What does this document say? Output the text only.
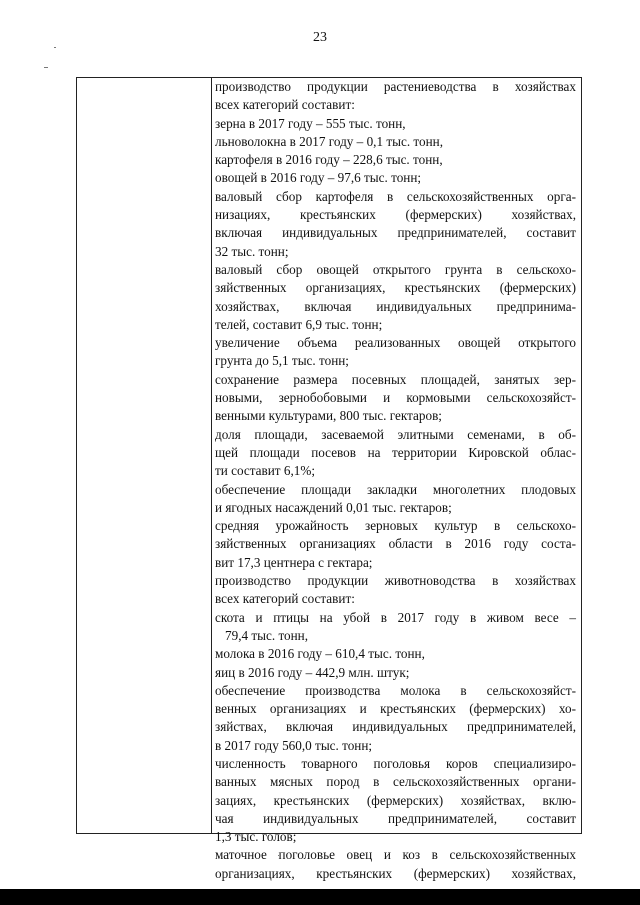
23
производство продукции растениеводства в хозяйствах
всех категорий составит:
зерна в 2017 году – 555 тыс. тонн,
льноволокна в 2017 году – 0,1 тыс. тонн,
картофеля в 2016 году – 228,6 тыс. тонн,
овощей в 2016 году – 97,6 тыс. тонн;
валовый сбор картофеля в сельскохозяйственных орга-
низациях, крестьянских (фермерских) хозяйствах,
включая индивидуальных предпринимателей, составит
32 тыс. тонн;
валовый сбор овощей открытого грунта в сельскохо-
зяйственных организациях, крестьянских (фермерских)
хозяйствах, включая индивидуальных предпринима-
телей, составит 6,9 тыс. тонн;
увеличение объема реализованных овощей открытого
грунта до 5,1 тыс. тонн;
сохранение размера посевных площадей, занятых зер-
новыми, зернобобовыми и кормовыми сельскохозяйст-
венными культурами, 800 тыс. гектаров;
доля площади, засеваемой элитными семенами, в об-
щей площади посевов на территории Кировской облас-
ти составит 6,1%;
обеспечение площади закладки многолетних плодовых
и ягодных насаждений 0,01 тыс. гектаров;
средняя урожайность зерновых культур в сельскохо-
зяйственных организациях области в 2016 году соста-
вит 17,3 центнера с гектара;
производство продукции животноводства в хозяйствах
всех категорий составит:
скота и птицы на убой в 2017 году в живом весе –
79,4 тыс. тонн,
молока в 2016 году – 610,4 тыс. тонн,
яиц в 2016 году – 442,9 млн. штук;
обеспечение производства молока в сельскохозяйст-
венных организациях и крестьянских (фермерских) хо-
зяйствах, включая индивидуальных предпринимателей,
в 2017 году 560,0 тыс. тонн;
численность товарного поголовья коров специализиро-
ванных мясных пород в сельскохозяйственных органи-
зациях, крестьянских (фермерских) хозяйствах, вклю-
чая индивидуальных предпринимателей, составит
1,3 тыс. голов;
маточное поголовье овец и коз в сельскохозяйственных
организациях, крестьянских (фермерских) хозяйствах,
